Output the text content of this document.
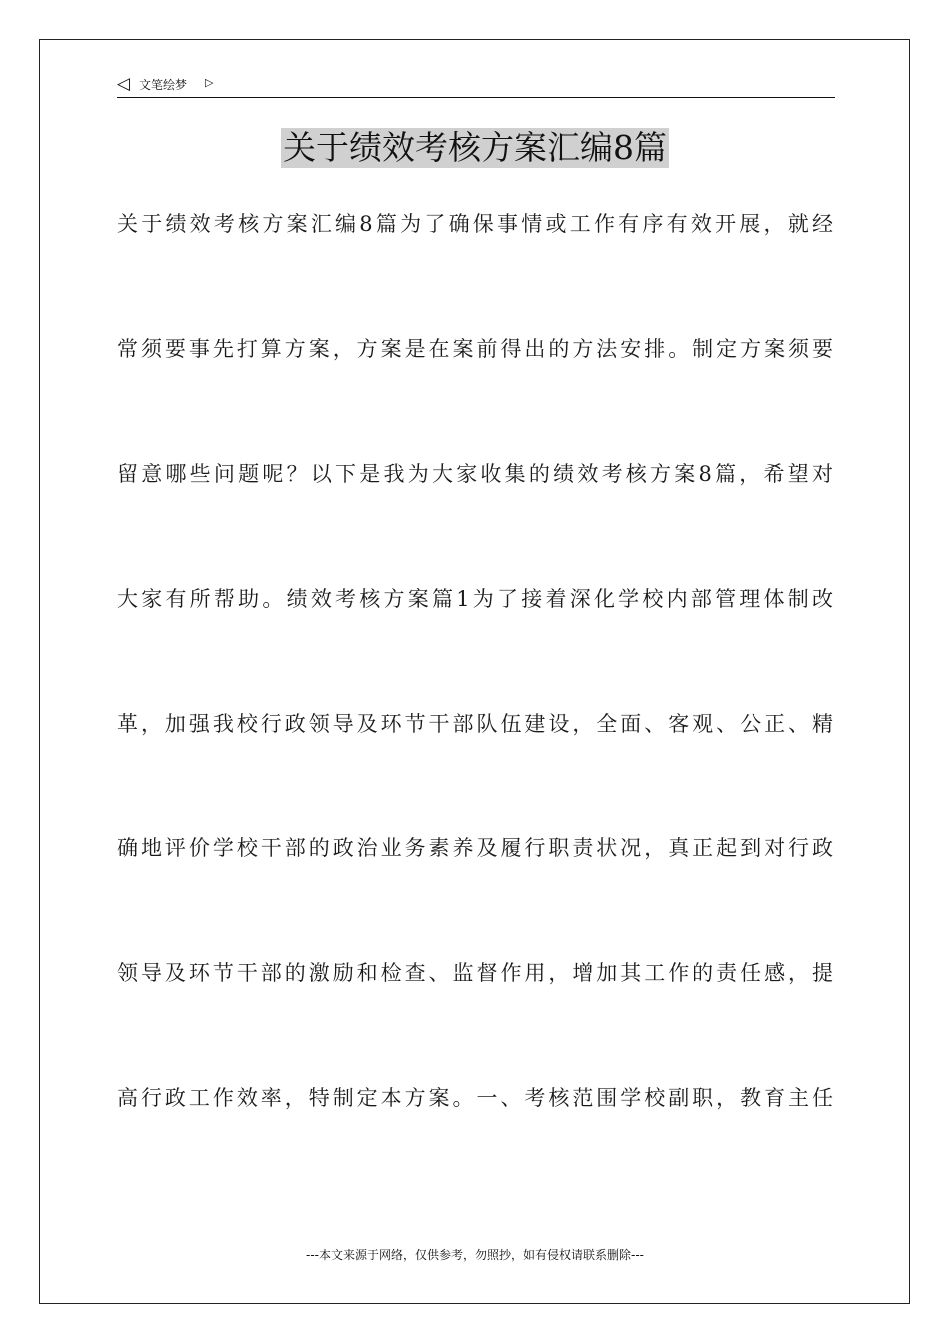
◁ 文笔绘梦 ▷
关于绩效考核方案汇编8篇
关于绩效考核方案汇编8篇为了确保事情或工作有序有效开展，就经
常须要事先打算方案，方案是在案前得出的方法安排。制定方案须要
留意哪些问题呢？以下是我为大家收集的绩效考核方案8篇，希望对
大家有所帮助。绩效考核方案篇1为了接着深化学校内部管理体制改
革，加强我校行政领导及环节干部队伍建设，全面、客观、公正、精
确地评价学校干部的政治业务素养及履行职责状况，真正起到对行政
领导及环节干部的激励和检查、监督作用，增加其工作的责任感，提
高行政工作效率，特制定本方案。一、考核范围学校副职，教育主任
---本文来源于网络，仅供参考，勿照抄，如有侵权请联系删除---
